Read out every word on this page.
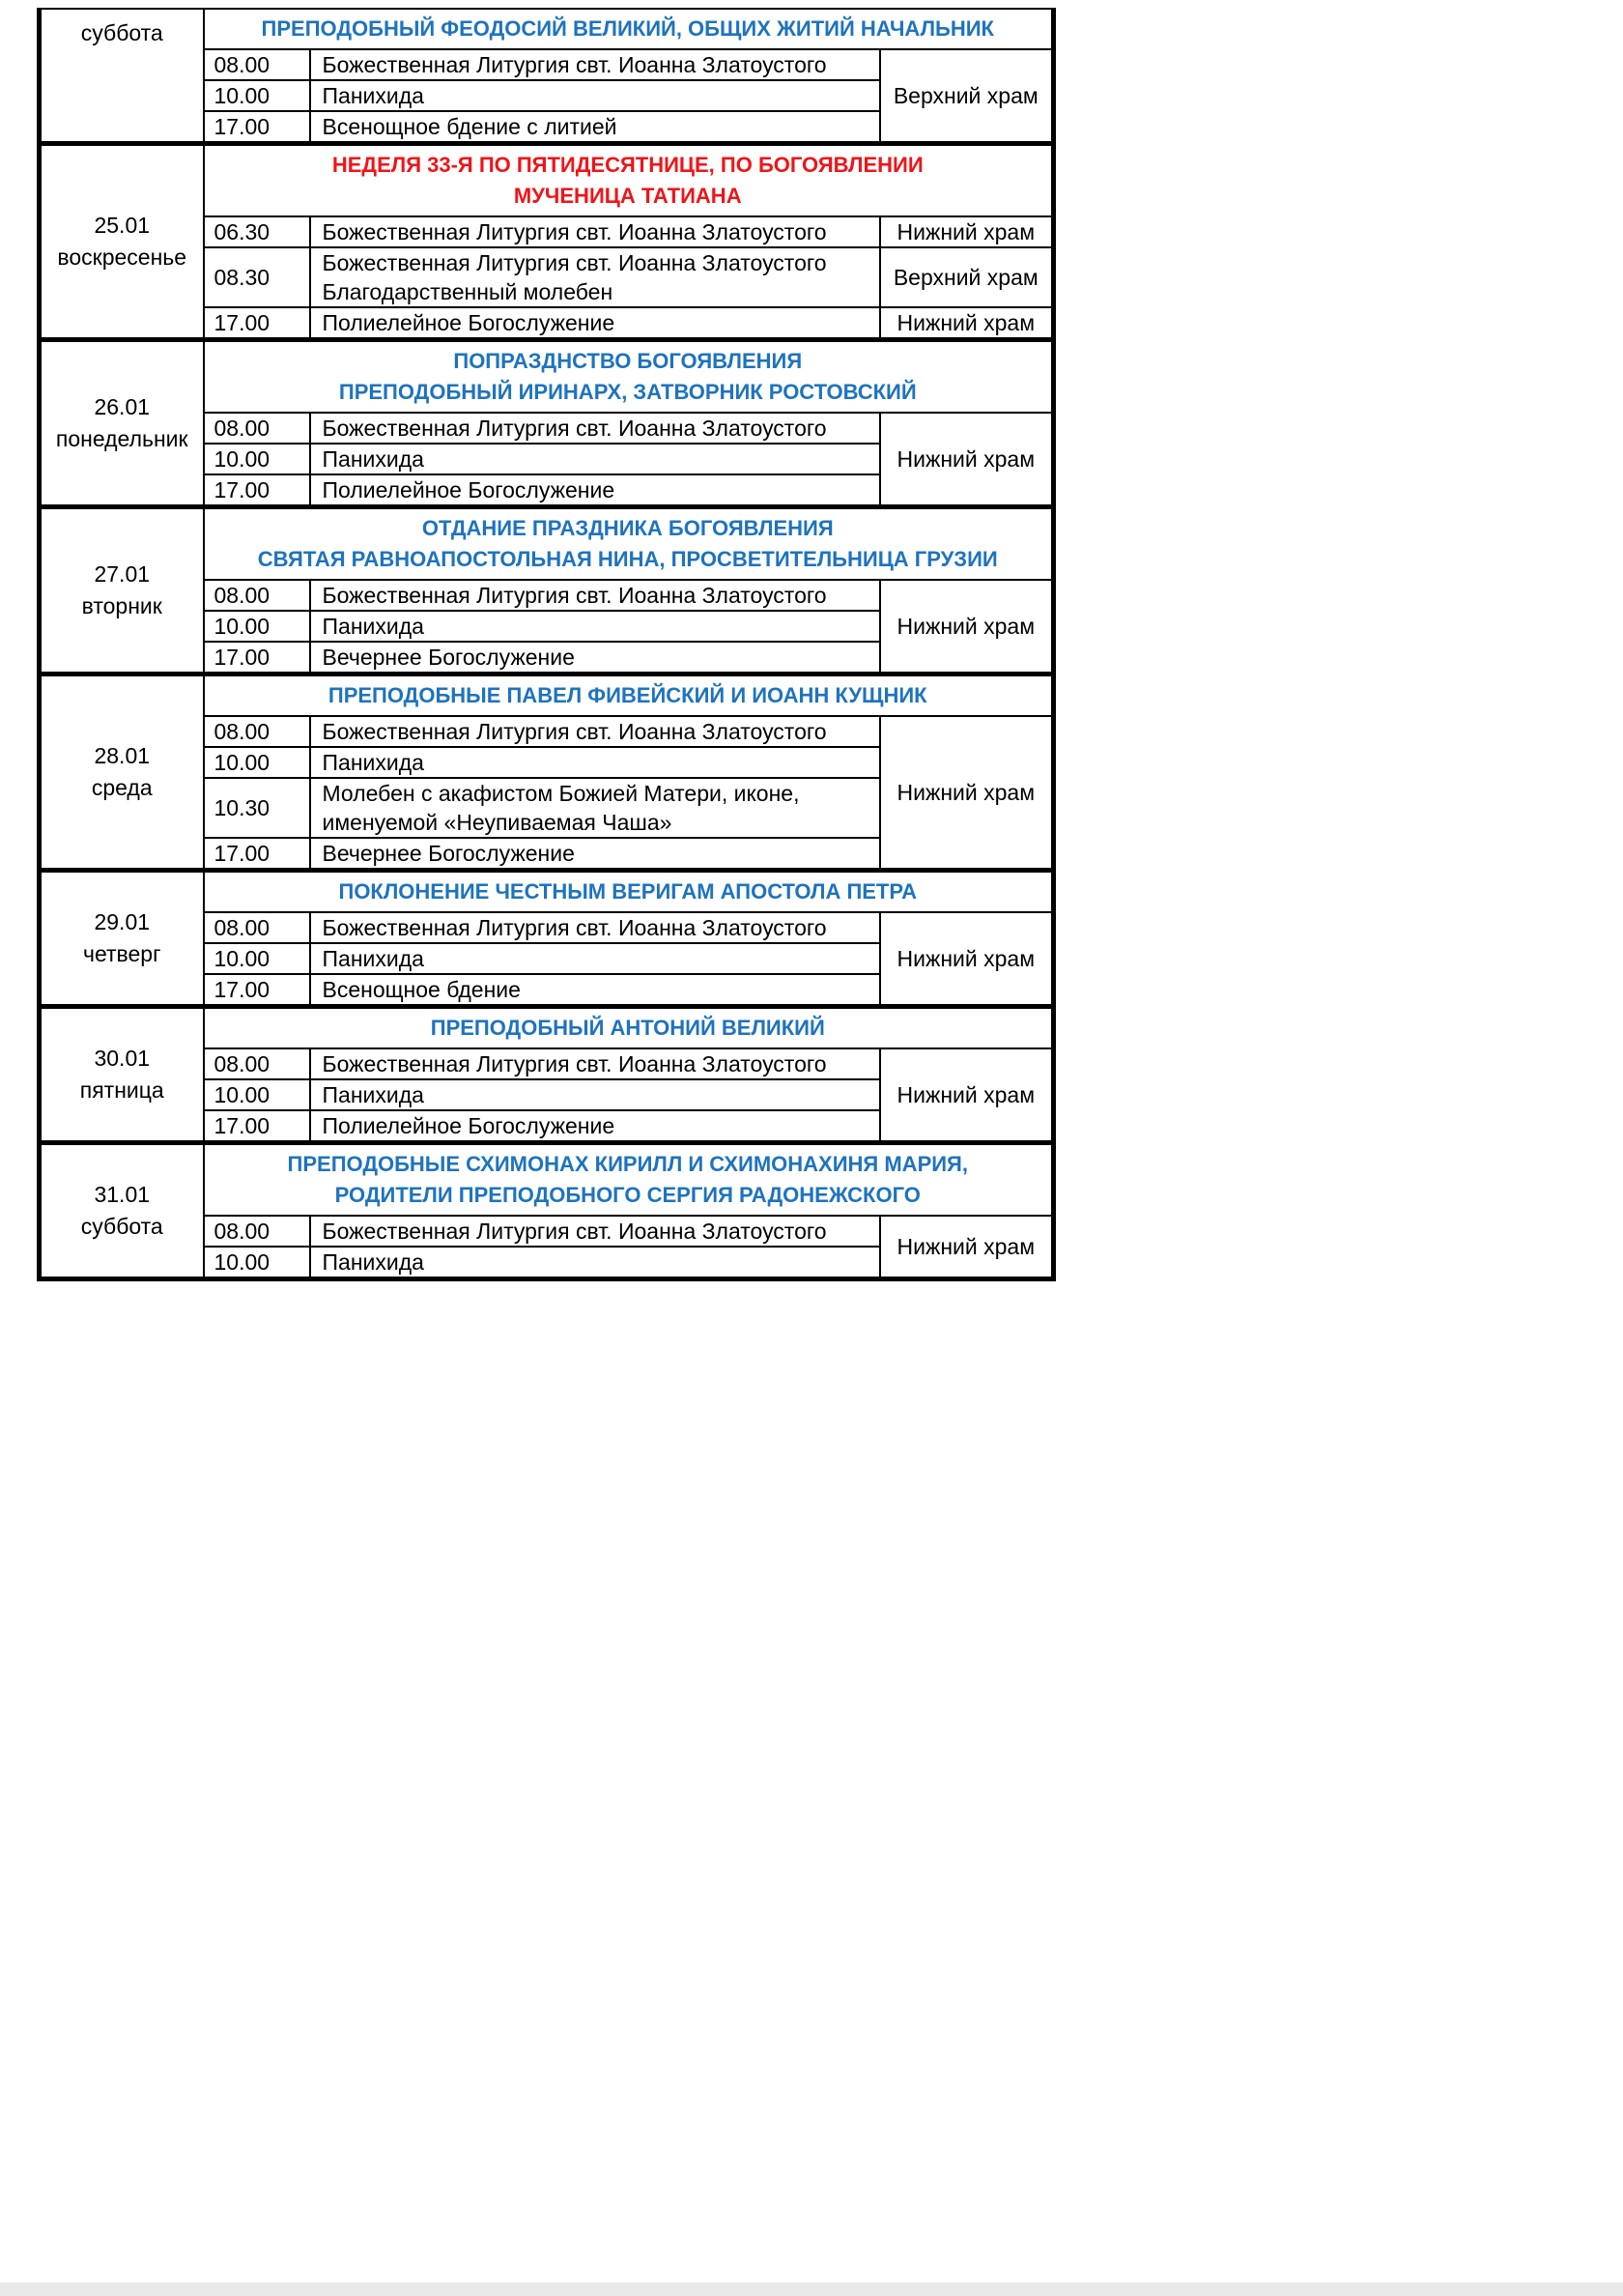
суббота	ПРЕПОДОБНЫЙ ФЕОДОСИЙ ВЕЛИКИЙ, ОБЩИХ ЖИТИЙ НАЧАЛЬНИК		

	08.00	Божественная Литургия свт. Иоанна Златоустого	Верхний храм
	10.00	Панихида	

	17.00	Всенощное бдение с литией	

25.01
воскресенье

НЕДЕЛЯ 33-Я ПО ПЯТИДЕСЯТНИЦЕ, ПО БОГОЯВЛЕНИИ
МУЧЕНИЦА ТАТИАНА

	06.30	Божественная Литургия свт. Иоанна Златоустого	Нижний храм
	08.30	Божественная Литургия свт. Иоанна Златоустого
Благодарственный молебен	Верхний храм
	17.00	Полиелейное Богослужение	Нижний храм

26.01
понедельник

ПОПРАЗДНСТВО БОГОЯВЛЕНИЯ
ПРЕПОДОБНЫЙ ИРИНАРХ, ЗАТВОРНИК РОСТОВСКИЙ

	08.00	Божественная Литургия свт. Иоанна Златоустого	Нижний храм
	10.00	Панихида	

	17.00	Полиелейное Богослужение	

27.01
вторник

ОТДАНИЕ ПРАЗДНИКА БОГОЯВЛЕНИЯ
СВЯТАЯ РАВНОАПОСТОЛЬНАЯ НИНА, ПРОСВЕТИТЕЛЬНИЦА ГРУЗИИ

	08.00	Божественная Литургия свт. Иоанна Златоустого	Нижний храм
	10.00	Панихида	

	17.00	Вечернее Богослужение	

28.01
среда	ПРЕПОДОБНЫЕ ПАВЕЛ ФИВЕЙСКИЙ И ИОАНН КУЩНИК		

	08.00	Божественная Литургия свт. Иоанна Златоустого	Нижний храм
	10.00	Панихида	

	10.30	Молебен с акафистом Божией Матери, иконе,
именуемой «Неупиваемая Чаша»	

	17.00	Вечернее Богослужение	

29.01
четверг	ПОКЛОНЕНИЕ ЧЕСТНЫМ ВЕРИГАМ АПОСТОЛА ПЕТРА		

	08.00	Божественная Литургия свт. Иоанна Златоустого	Нижний храм
	10.00	Панихида	

	17.00	Всенощное бдение	

30.01
пятница	ПРЕПОДОБНЫЙ АНТОНИЙ ВЕЛИКИЙ		

	08.00	Божественная Литургия свт. Иоанна Златоустого	Нижний храм
	10.00	Панихида	

	17.00	Полиелейное Богослужение	

31.01
суббота

ПРЕПОДОБНЫЕ СХИМОНАХ КИРИЛЛ И СХИМОНАХИНЯ МАРИЯ,
РОДИТЕЛИ ПРЕПОДОБНОГО СЕРГИЯ РАДОНЕЖСКОГО

	08.00	Божественная Литургия свт. Иоанна Златоустого	Нижний храм
	10.00	Панихида	
